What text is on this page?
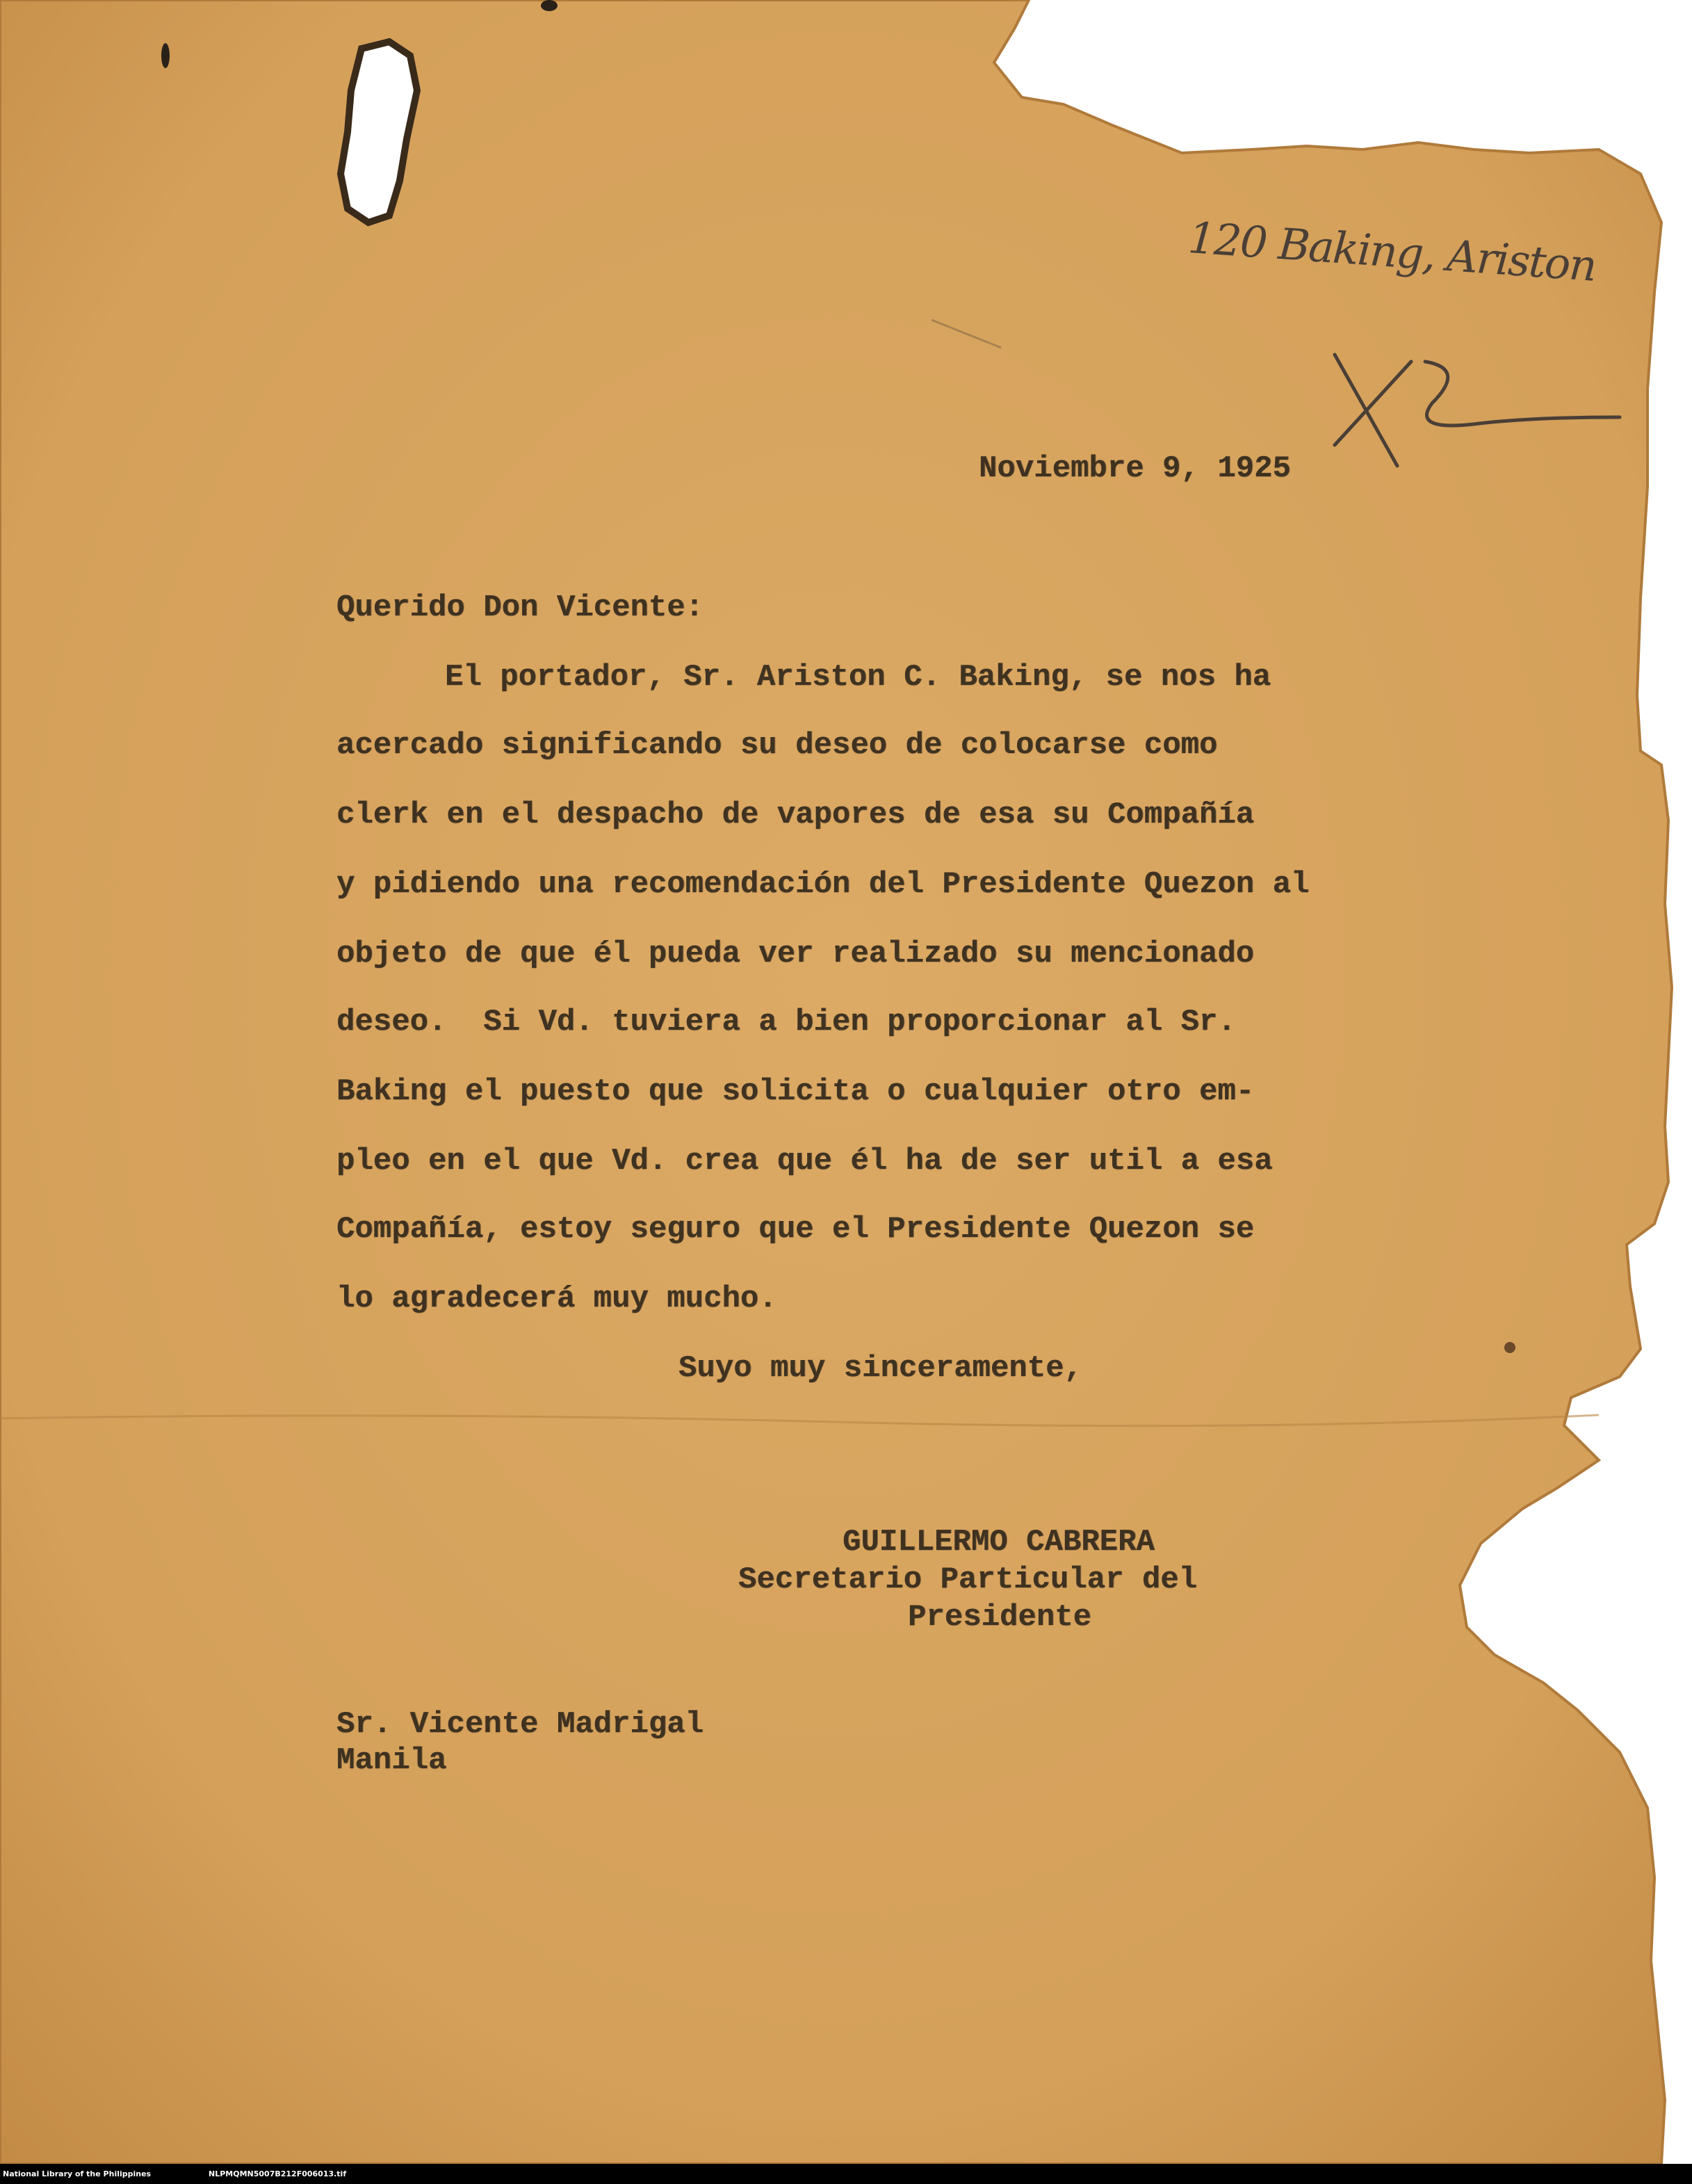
120 Baking, Ariston
Noviembre 9, 1925
Querido Don Vicente:
El portador, Sr. Ariston C. Baking, se nos ha
acercado significando su deseo de colocarse como
clerk en el despacho de vapores de esa su Compañía
y pidiendo una recomendación del Presidente Quezon al
objeto de que él pueda ver realizado su mencionado
deseo.  Si Vd. tuviera a bien proporcionar al Sr.
Baking el puesto que solicita o cualquier otro em-
pleo en el que Vd. crea que él ha de ser util a esa
Compañía, estoy seguro que el Presidente Quezon se
lo agradecerá muy mucho.
Suyo muy sinceramente,
GUILLERMO CABRERA
Secretario Particular del
Presidente
Sr. Vicente Madrigal
Manila

National Library of the Philippines

	NLPMQMN5007B212F006013.tif
